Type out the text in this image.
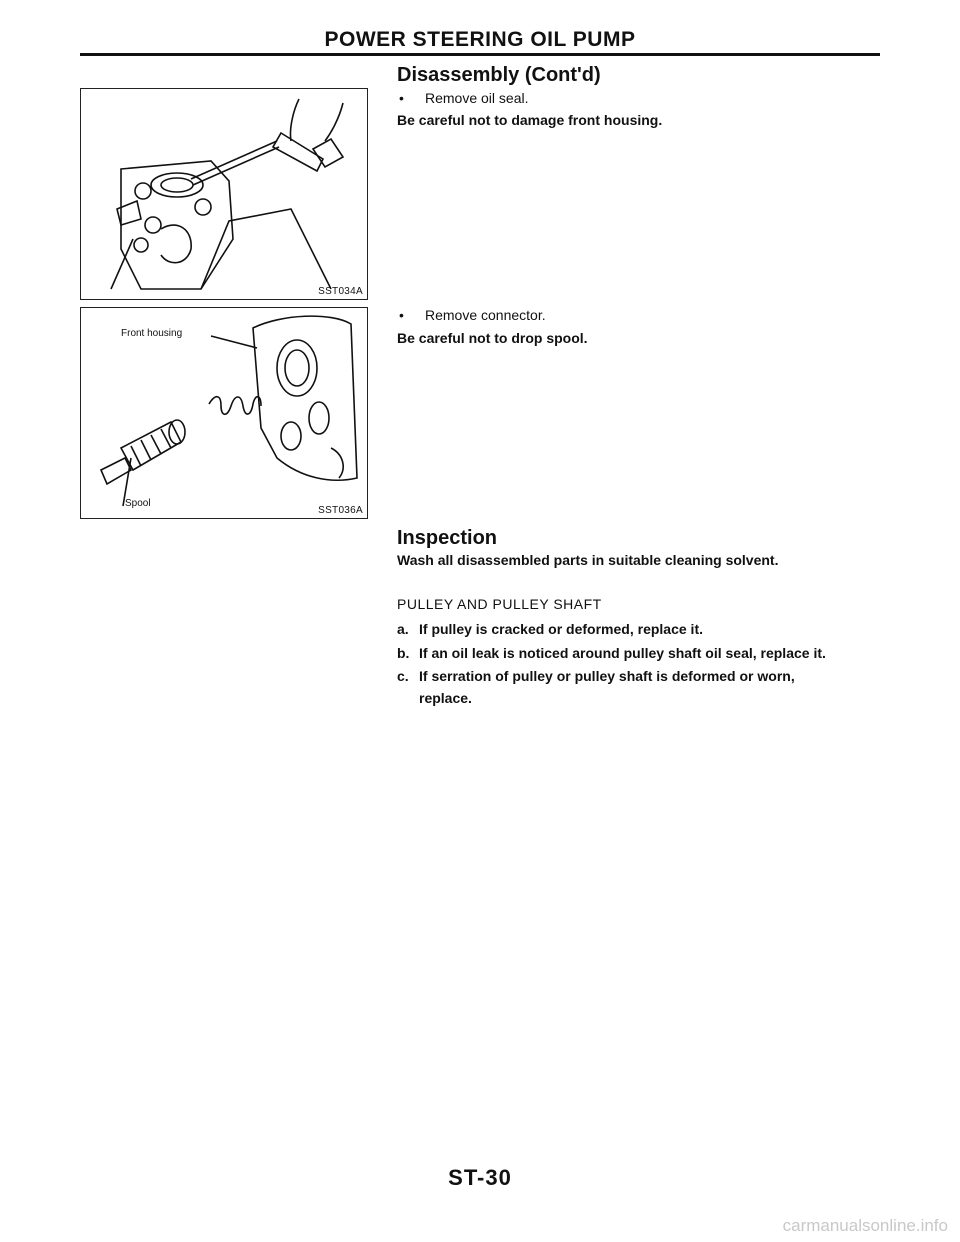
POWER STEERING OIL PUMP
SST034A
Front housing
Spool
SST036A
Disassembly (Cont'd)
• Remove oil seal.
Be careful not to damage front housing.
• Remove connector.
Be careful not to drop spool.
Inspection
Wash all disassembled parts in suitable cleaning solvent.
PULLEY AND PULLEY SHAFT
a. If pulley is cracked or deformed, replace it.
b. If an oil leak is noticed around pulley shaft oil seal, replace it.
c. If serration of pulley or pulley shaft is deformed or worn,
replace.
ST-30
carmanualsonline.info
